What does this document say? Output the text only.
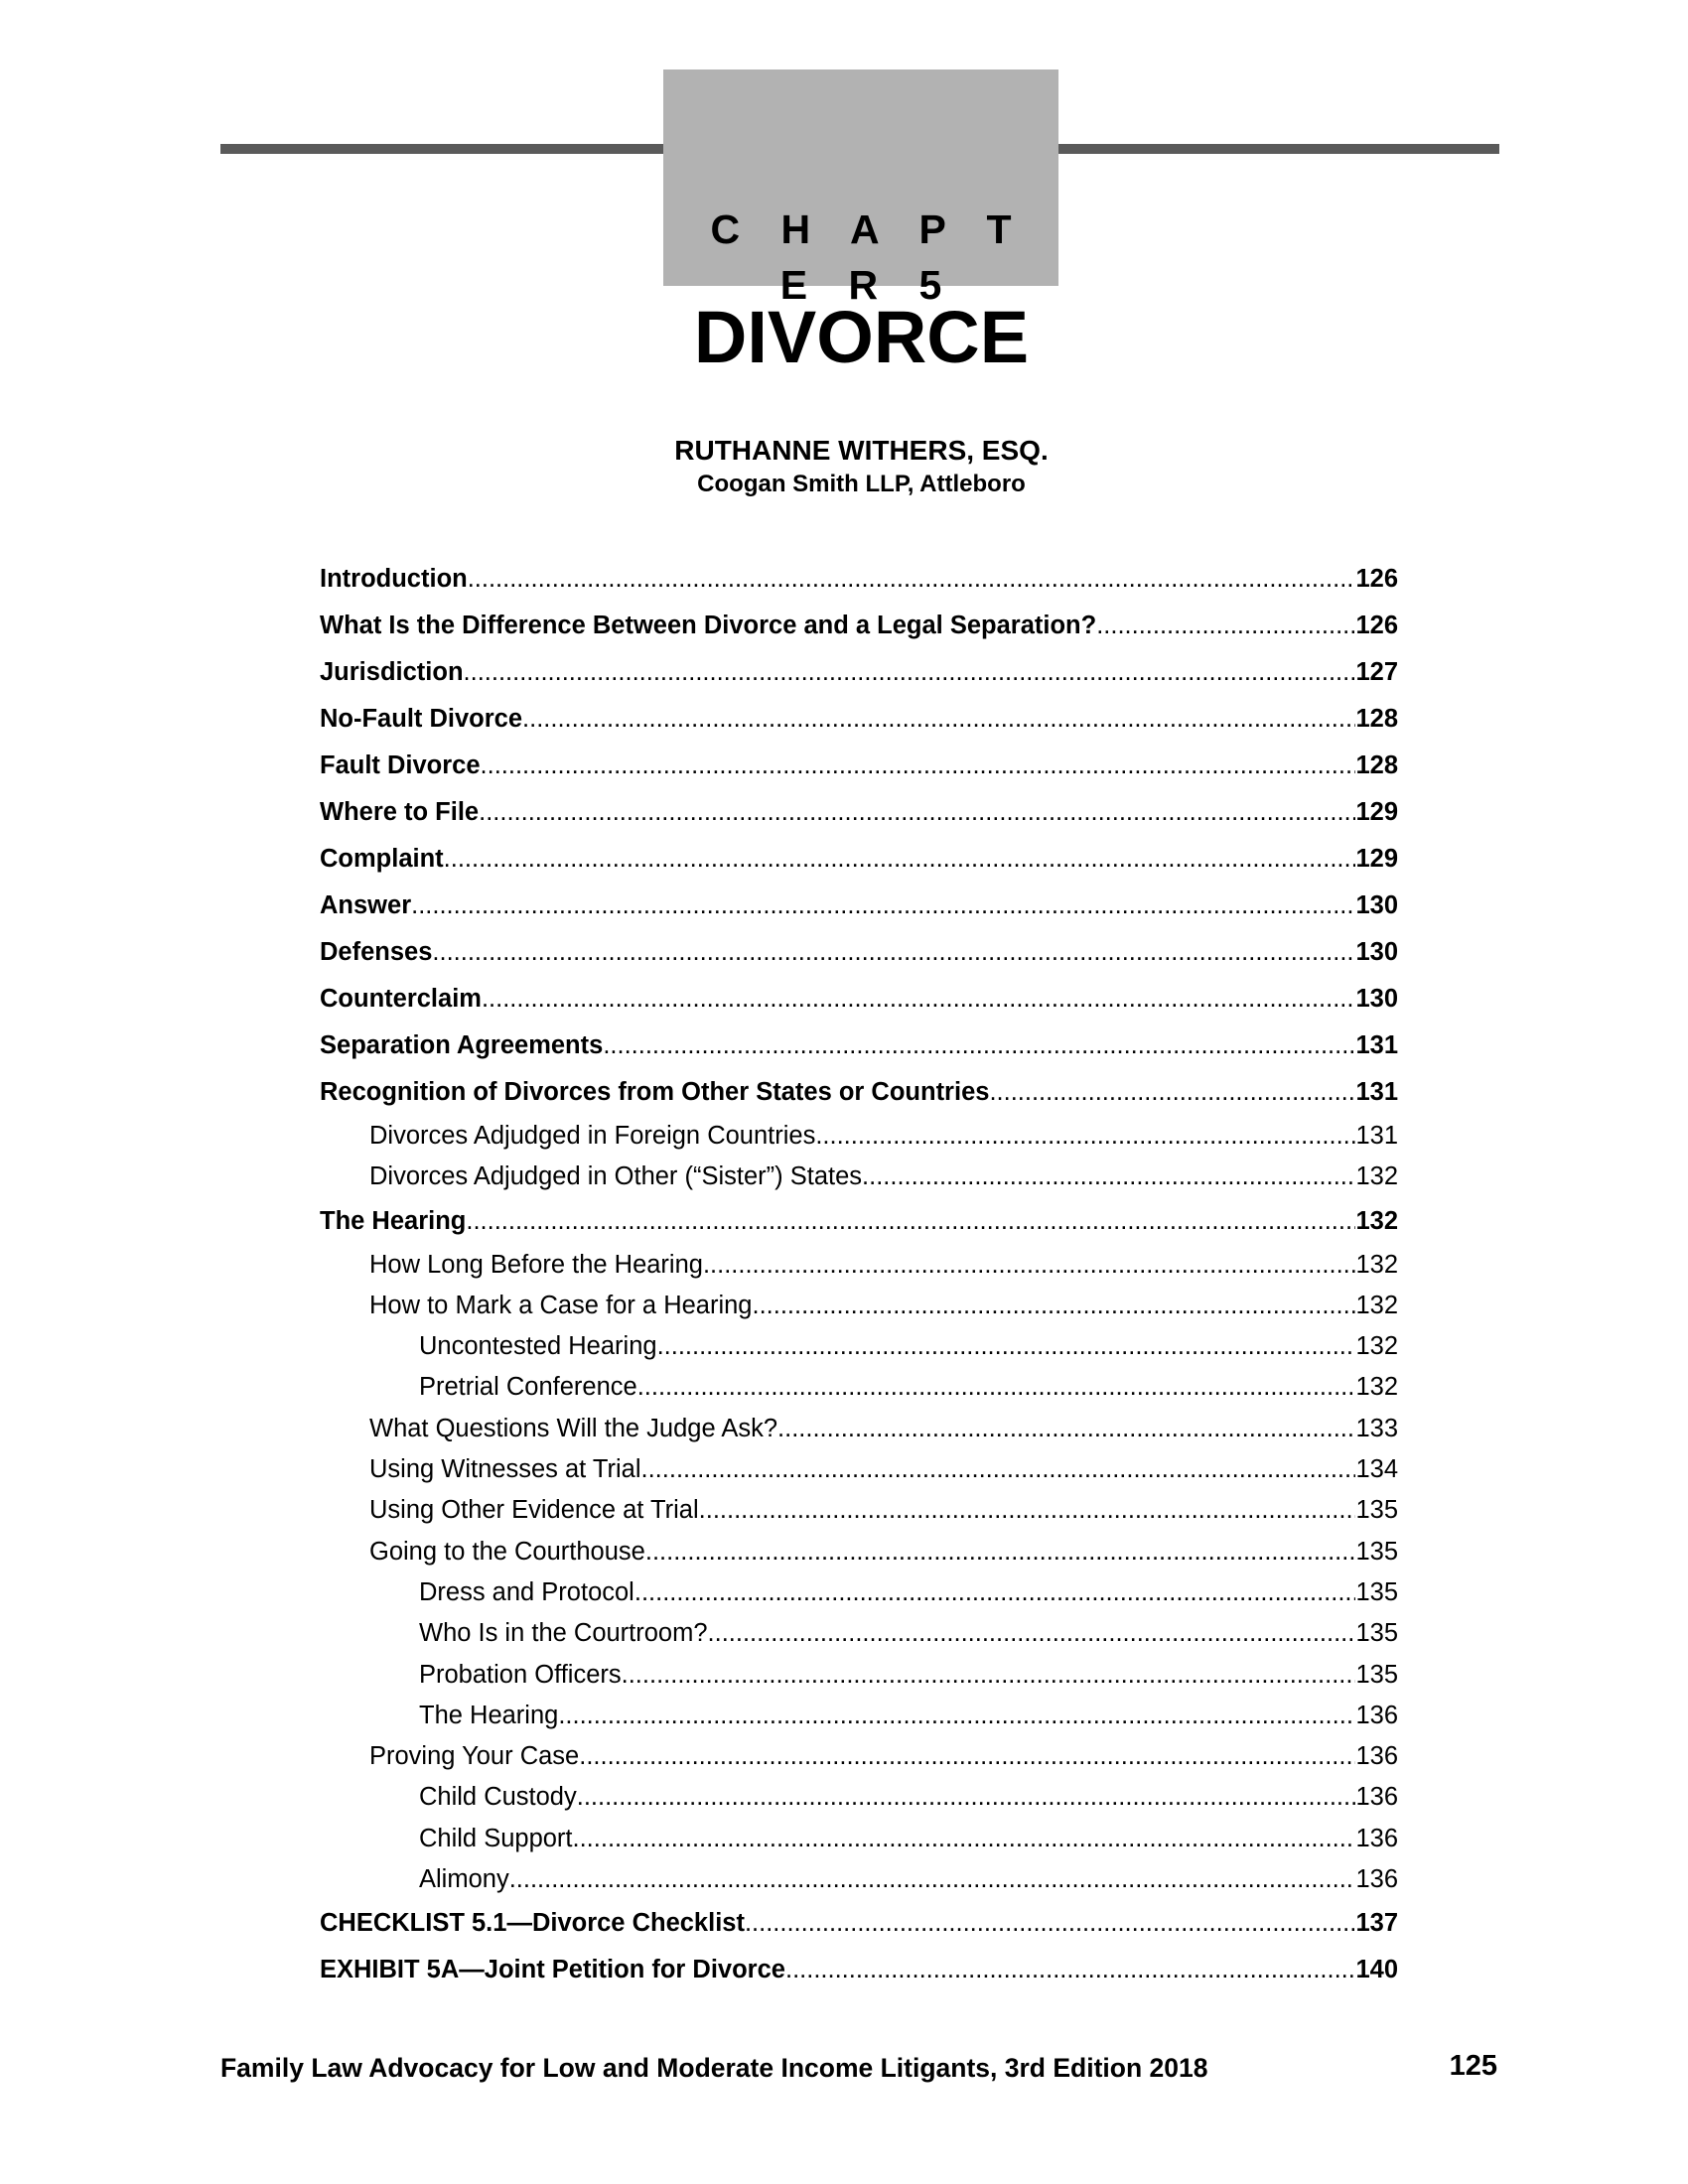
C H A P T E R 5
DIVORCE
RUTHANNE WITHERS, ESQ.
Coogan Smith LLP, Attleboro
Introduction .....	126
What Is the Difference Between Divorce and a Legal Separation? .....	126
Jurisdiction .....	127
No-Fault Divorce .....	128
Fault Divorce .....	128
Where to File .....	129
Complaint .....	129
Answer .....	130
Defenses .....	130
Counterclaim .....	130
Separation Agreements .....	131
Recognition of Divorces from Other States or Countries .....	131
Divorces Adjudged in Foreign Countries .....	131
Divorces Adjudged in Other (“Sister”) States .....	132
The Hearing .....	132
How Long Before the Hearing .....	132
How to Mark a Case for a Hearing .....	132
Uncontested Hearing .....	132
Pretrial Conference .....	132
What Questions Will the Judge Ask? .....	133
Using Witnesses at Trial .....	134
Using Other Evidence at Trial .....	135
Going to the Courthouse .....	135
Dress and Protocol .....	135
Who Is in the Courtroom? .....	135
Probation Officers .....	135
The Hearing .....	136
Proving Your Case .....	136
Child Custody .....	136
Child Support .....	136
Alimony .....	136
CHECKLIST 5.1—Divorce Checklist .....	137
EXHIBIT 5A—Joint Petition for Divorce .....	140
Family Law Advocacy for Low and Moderate Income Litigants, 3rd Edition 2018	125
